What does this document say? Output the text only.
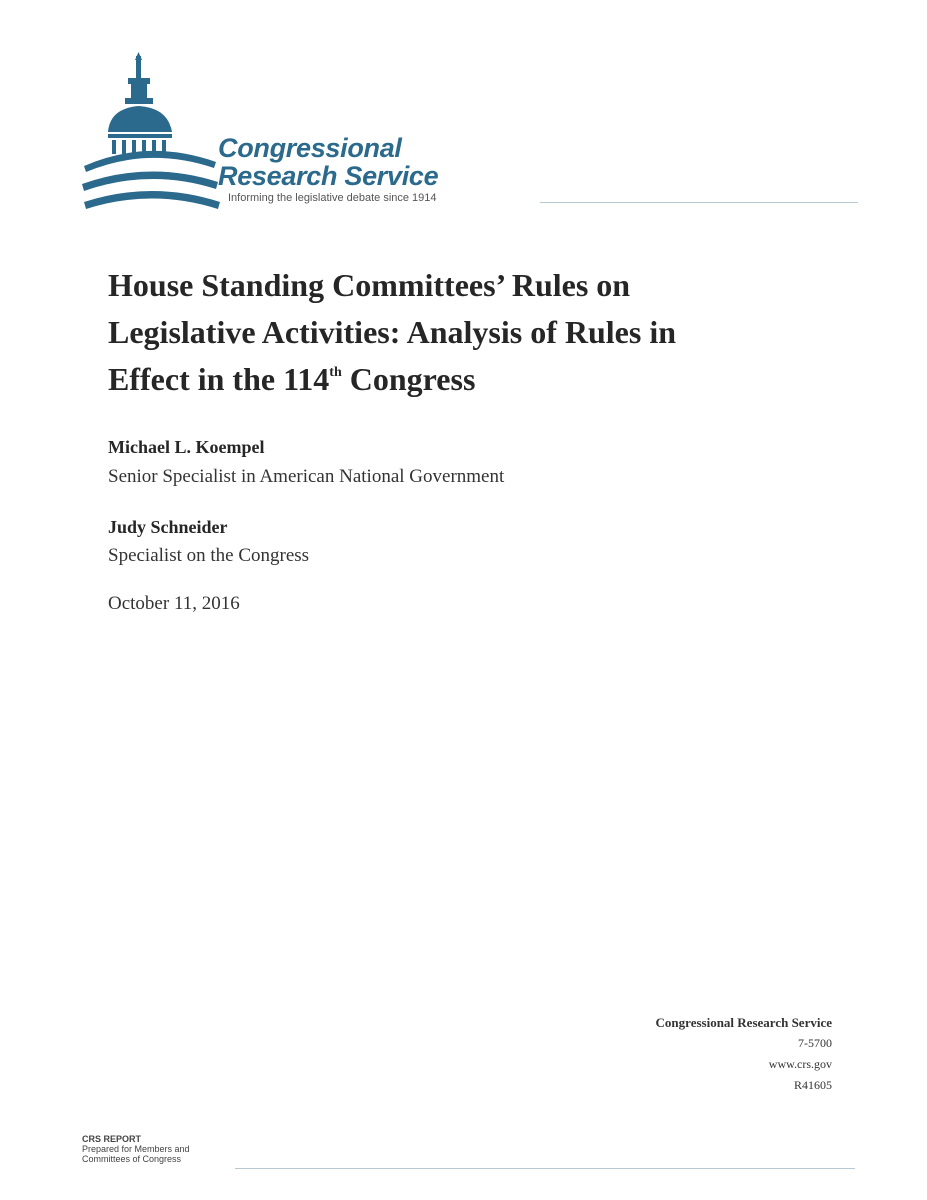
Congressional
Research Service
Informing the legislative debate since 1914
House Standing Committees’ Rules on
Legislative Activities: Analysis of Rules in
Effect in the 114th Congress
Michael L. Koempel
Senior Specialist in American National Government
Judy Schneider
Specialist on the Congress
October 11, 2016
Congressional Research Service
7-5700
www.crs.gov
R41605
CRS REPORT
Prepared for Members and
Committees of Congress
